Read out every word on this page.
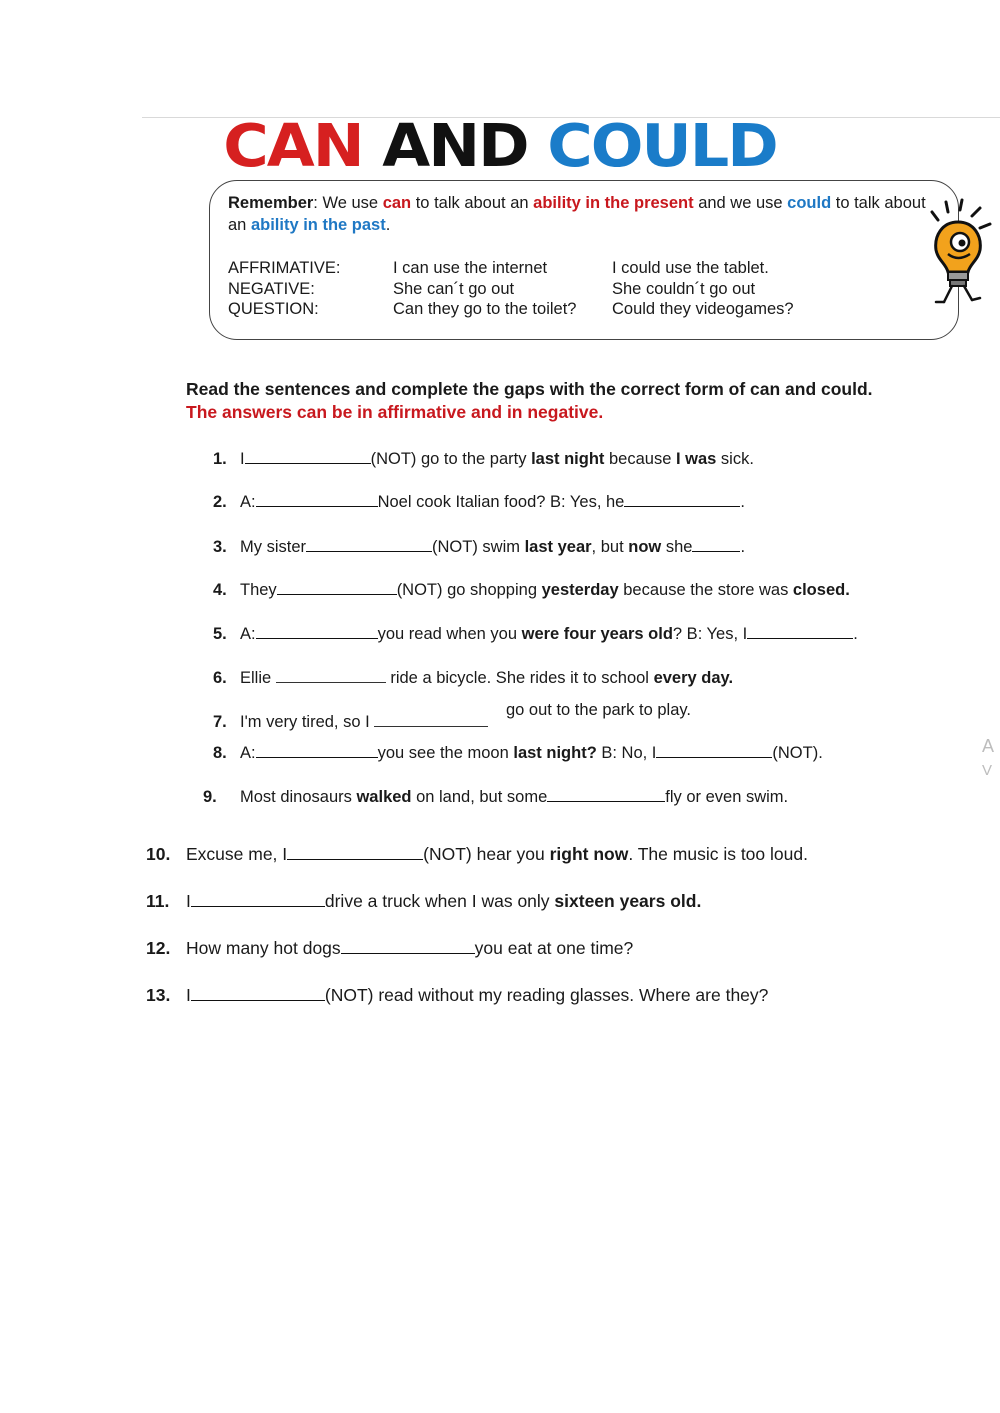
CAN AND COULD
Remember: We use can to talk about an ability in the present and we use could to talk about an ability in the past.
AFFRIMATIVE:	I can use the internet	I could use the tablet.
NEGATIVE:	She can´t go out	She couldn´t go out
QUESTION:	Can they go to the toilet?	Could they videogames?
Read the sentences and complete the gaps with the correct form of can and could.
The answers can be in affirmative and in negative.
1. I	(NOT) go to the party last night because I was sick.
2. A:	Noel cook Italian food? B: Yes, he	.
3. My sister	(NOT) swim last year, but now she	.
4. They	(NOT) go shopping yesterday because the store was closed.
5. A:	you read when you were four years old? B: Yes, I	.
6. Ellie	ride a bicycle. She rides it to school every day.
7. I'm very tired, so I
go out to the park to play.
8. A:	you see the moon last night? B: No, I	(NOT).
9. Most dinosaurs walked on land, but some	fly or even swim.
10. Excuse me, I	(NOT) hear you right now. The music is too loud.
11. I	drive a truck when I was only sixteen years old.
12. How many hot dogs	you eat at one time?
13. I	(NOT) read without my reading glasses. Where are they?
A
V
